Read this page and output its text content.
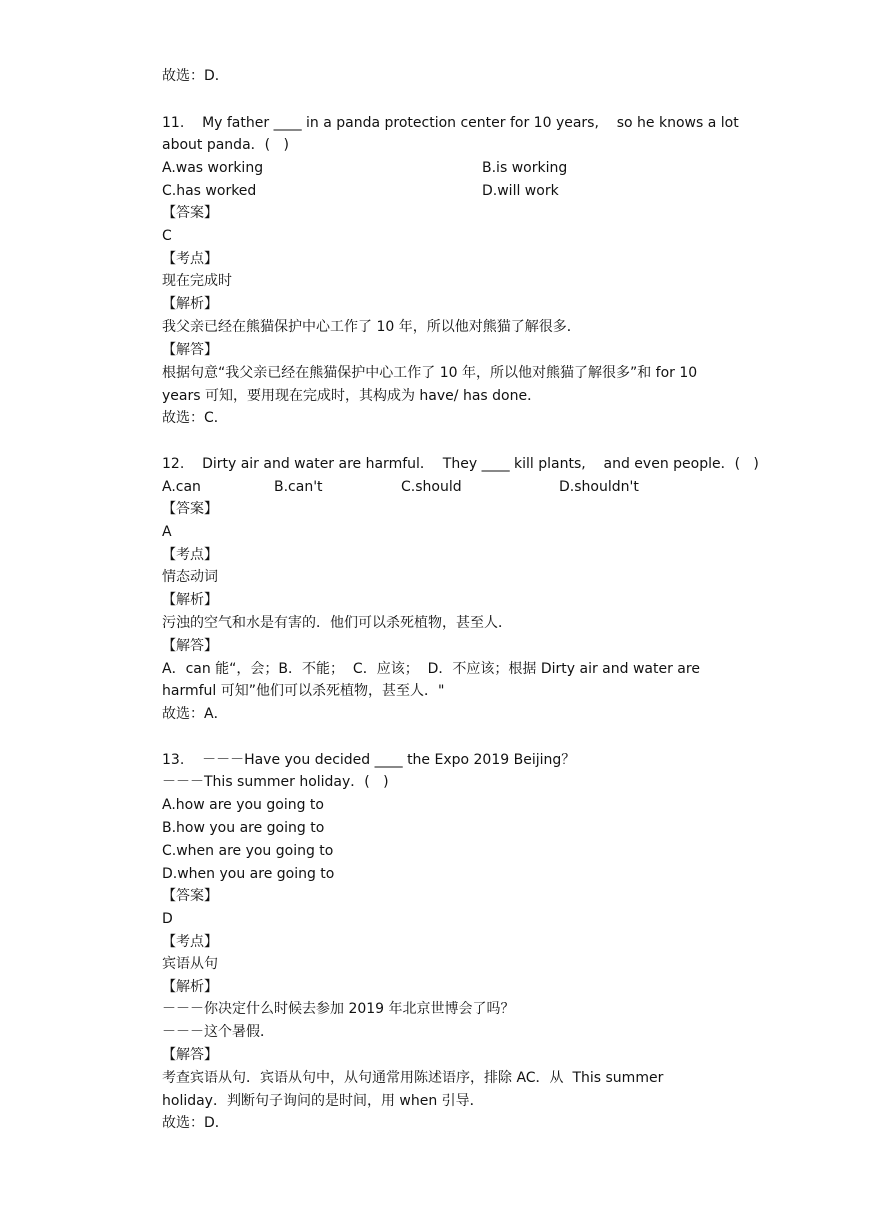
故选：D．
11.    My father ____ in a panda protection center for 10 years,    so he knows a lot
about panda．(   )
A.was working	B.is working
C.has worked	D.will work
【答案】
C
【考点】
现在完成时
【解析】
我父亲已经在熊猫保护中心工作了 10 年，所以他对熊猫了解很多．
【解答】
根据句意“我父亲已经在熊猫保护中心工作了 10 年，所以他对熊猫了解很多”和 for 10
years 可知，要用现在完成时，其构成为 have/ has done．
故选：C．
12.    Dirty air and water are harmful．  They ____ kill plants,    and even people．(   )
A.can	B.can't	C.should	D.shouldn't
【答案】
A
【考点】
情态动词
【解析】
污浊的空气和水是有害的．他们可以杀死植物，甚至人．
【解答】
A．can 能“，会；B．不能；  C．应该；  D．不应该；根据 Dirty air and water are
harmful 可知”他们可以杀死植物，甚至人．"
故选：A．
13.    －－－Have you decided ____ the Expo 2019 Beijing？
－－－This summer holiday．(   )
A.how are you going to
B.how you are going to
C.when are you going to
D.when you are going to
【答案】
D
【考点】
宾语从句
【解析】
－－－你决定什么时候去参加 2019 年北京世博会了吗？
－－－这个暑假．
【解答】
考查宾语从句．宾语从句中，从句通常用陈述语序，排除 AC．从  This summer
holiday．判断句子询问的是时间，用 when 引导．
故选：D．
